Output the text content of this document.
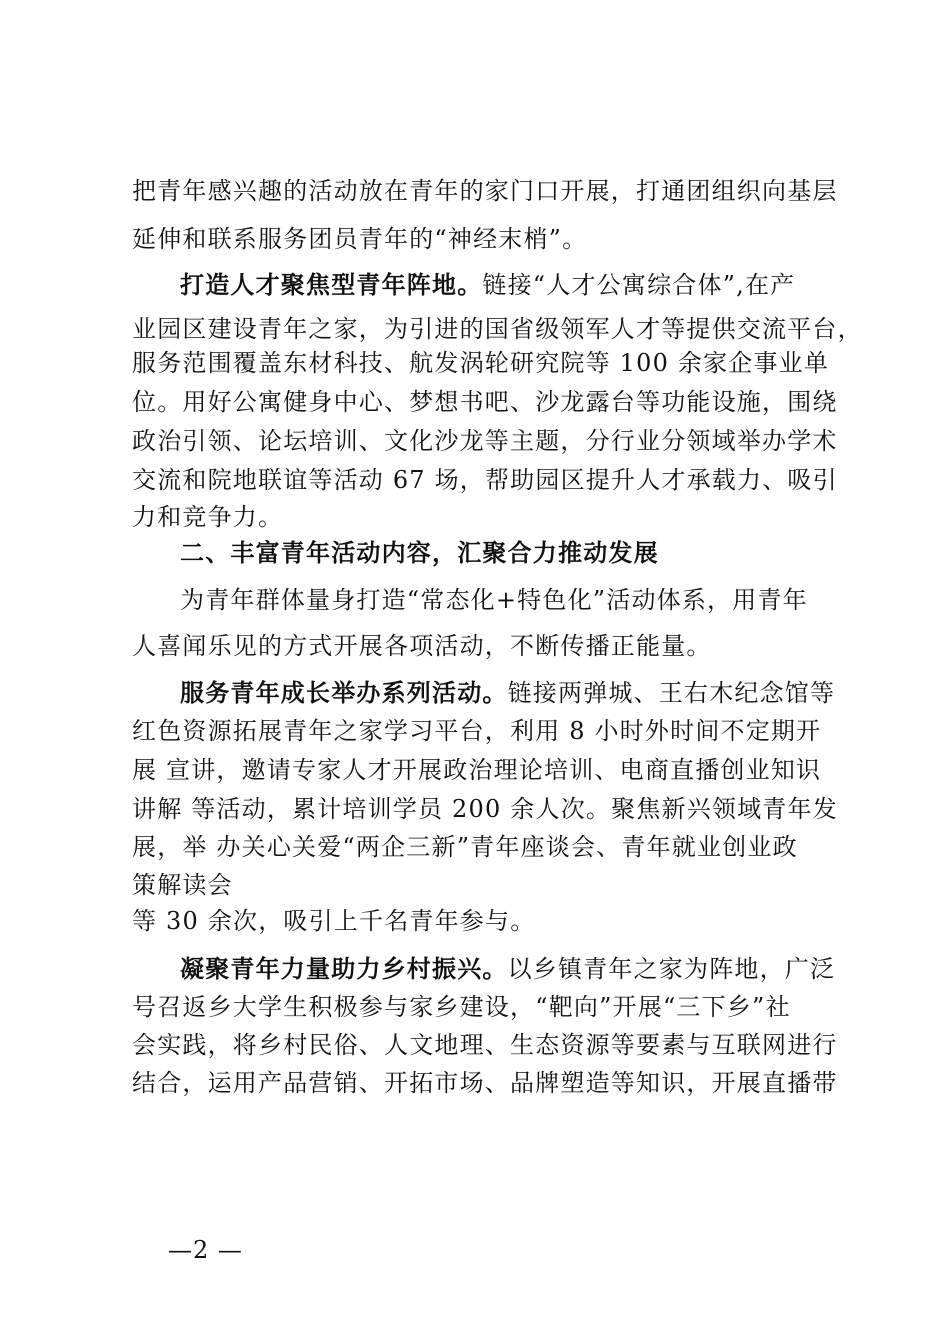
把青年感兴趣的活动放在青年的家门口开展，打通团组织向基层
延伸和联系服务团员青年的“神经末梢”。
打造人才聚焦型青年阵地。链接“人才公寓综合体”,在产
业园区建设青年之家，为引进的国省级领军人才等提供交流平台，
服务范围覆盖东材科技、航发涡轮研究院等 100 余家企事业单
位。用好公寓健身中心、梦想书吧、沙龙露台等功能设施，围绕
政治引领、论坛培训、文化沙龙等主题，分行业分领域举办学术
交流和院地联谊等活动 67 场，帮助园区提升人才承载力、吸引
力和竞争力。
二、丰富青年活动内容，汇聚合力推动发展
为青年群体量身打造“常态化+特色化”活动体系，用青年
人喜闻乐见的方式开展各项活动，不断传播正能量。
服务青年成长举办系列活动。链接两弹城、王右木纪念馆等
红色资源拓展青年之家学习平台，利用 8 小时外时间不定期开
展 宣讲，邀请专家人才开展政治理论培训、电商直播创业知识
讲解 等活动，累计培训学员 200 余人次。聚焦新兴领域青年发
展，举 办关心关爱“两企三新”青年座谈会、青年就业创业政
策解读会
等 30 余次，吸引上千名青年参与。
凝聚青年力量助力乡村振兴。以乡镇青年之家为阵地，广泛
号召返乡大学生积极参与家乡建设，“靶向”开展“三下乡”社
会实践，将乡村民俗、人文地理、生态资源等要素与互联网进行
结合，运用产品营销、开拓市场、品牌塑造等知识，开展直播带
—2 —
